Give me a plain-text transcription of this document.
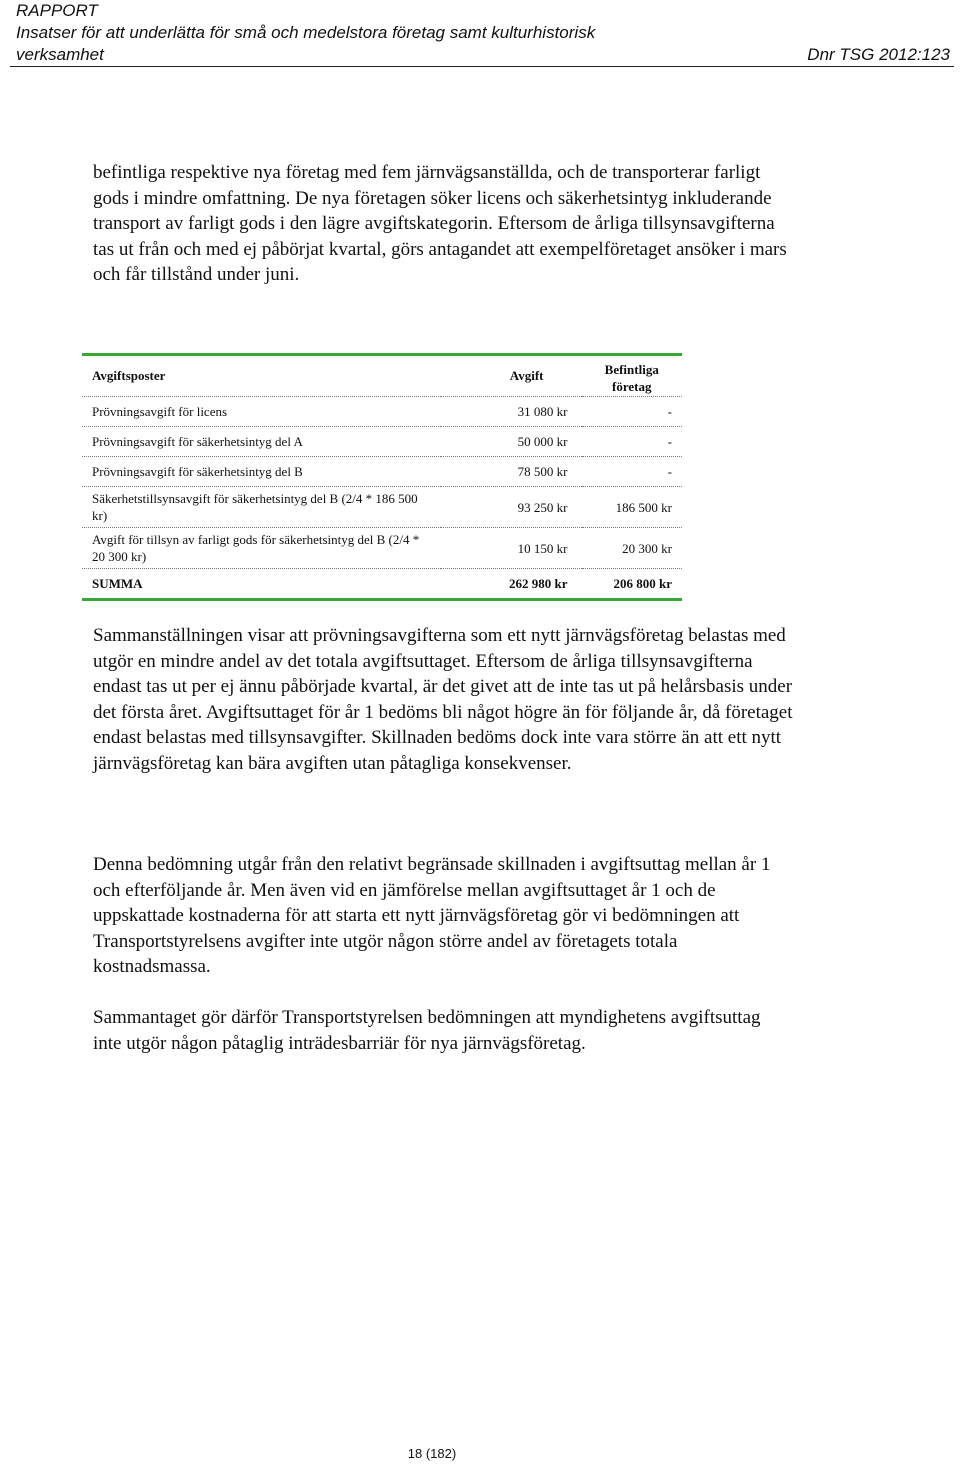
RAPPORT
Insatser för att underlätta för små och medelstora företag samt kulturhistorisk
verksamhet	Dnr TSG 2012:123

befintliga respektive nya företag med fem järnvägsanställda, och de transporterar farligt gods i mindre omfattning. De nya företagen söker licens och säkerhetsintyg inkluderande transport av farligt gods i den lägre avgiftskategorin. Eftersom de årliga tillsynsavgifterna tas ut från och med ej påbörjat kvartal, görs antagandet att exempelföretaget ansöker i mars och får tillstånd under juni.

Avgiftsposter	Avgift	Befintliga företag
Prövningsavgift för licens	31 080 kr	-
Prövningsavgift för säkerhetsintyg del A	50 000 kr	-
Prövningsavgift för säkerhetsintyg del B	78 500 kr	-
Säkerhetstillsynsavgift för säkerhetsintyg del B (2/4 * 186 500 kr)	93 250 kr	186 500 kr
Avgift för tillsyn av farligt gods för säkerhetsintyg del B (2/4 * 20 300 kr)	10 150 kr	20 300 kr
SUMMA	262 980 kr	206 800 kr

Sammanställningen visar att prövningsavgifterna som ett nytt järnvägsföretag belastas med utgör en mindre andel av det totala avgiftsuttaget. Eftersom de årliga tillsynsavgifterna endast tas ut per ej ännu påbörjade kvartal, är det givet att de inte tas ut på helårsbasis under det första året. Avgiftsuttaget för år 1 bedöms bli något högre än för följande år, då företaget endast belastas med tillsynsavgifter. Skillnaden bedöms dock inte vara större än att ett nytt järnvägsföretag kan bära avgiften utan påtagliga konsekvenser.

Denna bedömning utgår från den relativt begränsade skillnaden i avgiftsuttag mellan år 1 och efterföljande år. Men även vid en jämförelse mellan avgiftsuttaget år 1 och de uppskattade kostnaderna för att starta ett nytt järnvägsföretag gör vi bedömningen att Transportstyrelsens avgifter inte utgör någon större andel av företagets totala kostnadsmassa.

Sammantaget gör därför Transportstyrelsen bedömningen att myndighetens avgiftsuttag inte utgör någon påtaglig inträdesbarriär för nya järnvägsföretag.

18 (182)
